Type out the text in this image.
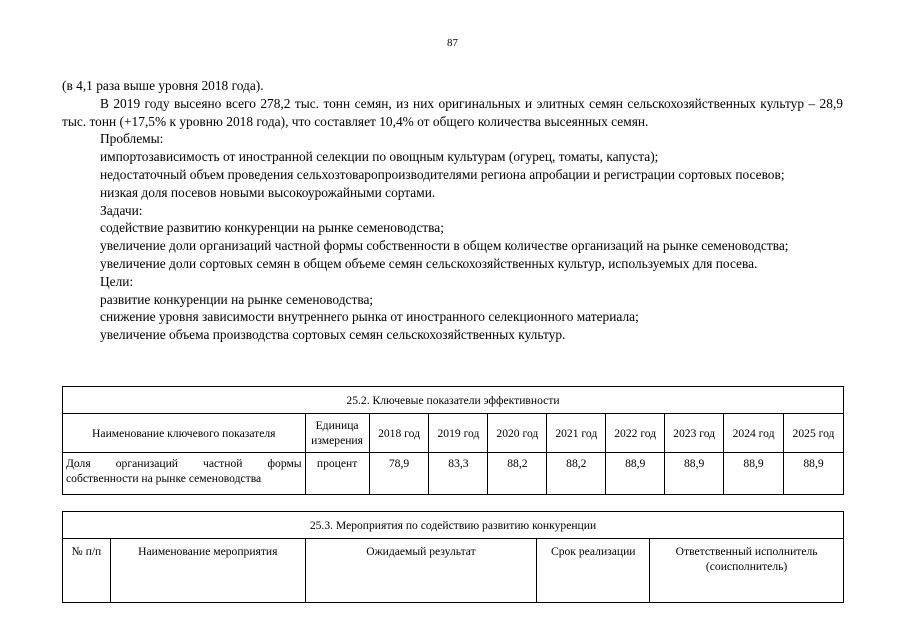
87

(в 4,1 раза выше уровня 2018 года).

В 2019 году высеяно всего 278,2 тыс. тонн семян, из них оригинальных и элитных семян сельскохозяйственных культур – 28,9 тыс. тонн (+17,5% к уровню 2018 года), что составляет 10,4% от общего количества высеянных семян.

Проблемы:

импортозависимость от иностранной селекции по овощным культурам (огурец, томаты, капуста);

недостаточный объем проведения сельхозтоваропроизводителями региона апробации и регистрации сортовых посевов;

низкая доля посевов новыми высокоурожайными сортами.

Задачи:

содействие развитию конкуренции на рынке семеноводства;

увеличение доли организаций частной формы собственности в общем количестве организаций на рынке семеноводства;

увеличение доли сортовых семян в общем объеме семян сельскохозяйственных культур, используемых для посева.

Цели:

развитие конкуренции на рынке семеноводства;

снижение уровня зависимости внутреннего рынка от иностранного селекционного материала;

увеличение объема производства сортовых семян сельскохозяйственных культур.

25.2. Ключевые показатели эффективности									
Наименование ключевого показателя	Единица измерения	2018 год	2019 год	2020 год	2021 год	2022 год	2023 год	2024 год	2025 год
Доля организаций частной формы собственности на рынке семеноводства	процент	78,9	83,3	88,2	88,2	88,9	88,9	88,9	88,9
25.3. Мероприятия по содействию развитию конкуренции
№ п/п	Наименование мероприятия	Ожидаемый результат	Срок реализации	Ответственный исполнитель (соисполнитель)
